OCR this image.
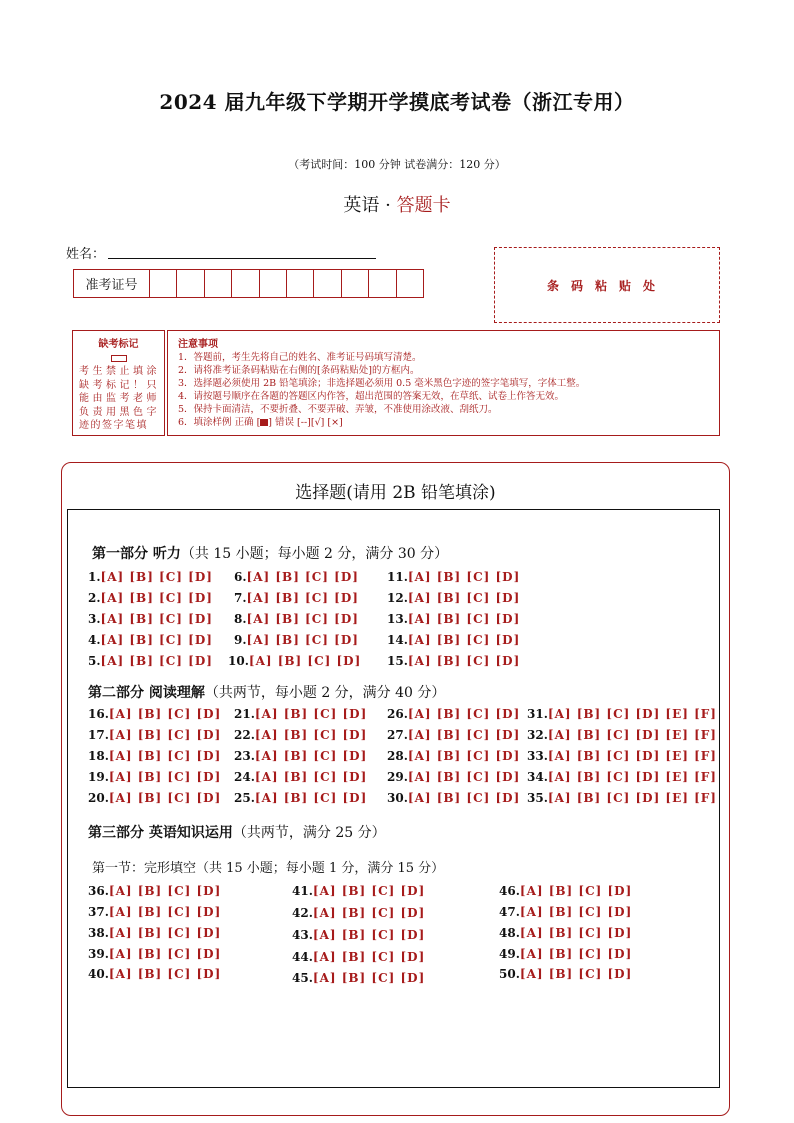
2024 届九年级下学期开学摸底考试卷（浙江专用）
（考试时间：100 分钟 试卷满分：120 分）
英语 · 答题卡
姓名：
准考证号	条码粘贴处
缺考标记
考生禁止填涂缺考标记！只能由监考老师负责用黑色字迹的签字笔填
注意事项
1．答题前，考生先将自己的姓名、准考证号码填写清楚。
2．请将准考证条码粘贴在右侧的[条码粘贴处]的方框内。
3．选择题必须使用 2B 铅笔填涂；非选择题必须用 0.5 毫米黑色字迹的签字笔填写，字体工整。
4．请按题号顺序在各题的答题区内作答，超出范围的答案无效，在草纸、试卷上作答无效。
5．保持卡面清洁，不要折叠、不要弄破、弄皱，不准使用涂改液、刮纸刀。
6．填涂样例 正确 [ ] 错误 [--][√] [×]
选择题(请用 2B 铅笔填涂)
第一部分 听力（共 15 小题；每小题 2 分，满分 30 分）
1.[A] [B] [C] [D]
2.[A] [B] [C] [D]
3.[A] [B] [C] [D]
4.[A] [B] [C] [D]
5.[A] [B] [C] [D]
6.[A] [B] [C] [D]
7.[A] [B] [C] [D]
8.[A] [B] [C] [D]
9.[A] [B] [C] [D]
10.[A] [B] [C] [D]
11.[A] [B] [C] [D]
12.[A] [B] [C] [D]
13.[A] [B] [C] [D]
14.[A] [B] [C] [D]
15.[A] [B] [C] [D]
第二部分 阅读理解（共两节，每小题 2 分，满分 40 分）
16.[A] [B] [C] [D]
17.[A] [B] [C] [D]
18.[A] [B] [C] [D]
19.[A] [B] [C] [D]
20.[A] [B] [C] [D]
21.[A] [B] [C] [D]
22.[A] [B] [C] [D]
23.[A] [B] [C] [D]
24.[A] [B] [C] [D]
25.[A] [B] [C] [D]
26.[A] [B] [C] [D]
27.[A] [B] [C] [D]
28.[A] [B] [C] [D]
29.[A] [B] [C] [D]
30.[A] [B] [C] [D]
31.[A] [B] [C] [D] [E] [F]
32.[A] [B] [C] [D] [E] [F]
33.[A] [B] [C] [D] [E] [F]
34.[A] [B] [C] [D] [E] [F]
35.[A] [B] [C] [D] [E] [F]
第三部分 英语知识运用（共两节，满分 25 分）
第一节：完形填空（共 15 小题；每小题 1 分，满分 15 分）
36.[A] [B] [C] [D]
37.[A] [B] [C] [D]
38.[A] [B] [C] [D]
39.[A] [B] [C] [D]
40.[A] [B] [C] [D]
41.[A] [B] [C] [D]
42.[A] [B] [C] [D]
43.[A] [B] [C] [D]
44.[A] [B] [C] [D]
45.[A] [B] [C] [D]
46.[A] [B] [C] [D]
47.[A] [B] [C] [D]
48.[A] [B] [C] [D]
49.[A] [B] [C] [D]
50.[A] [B] [C] [D]
